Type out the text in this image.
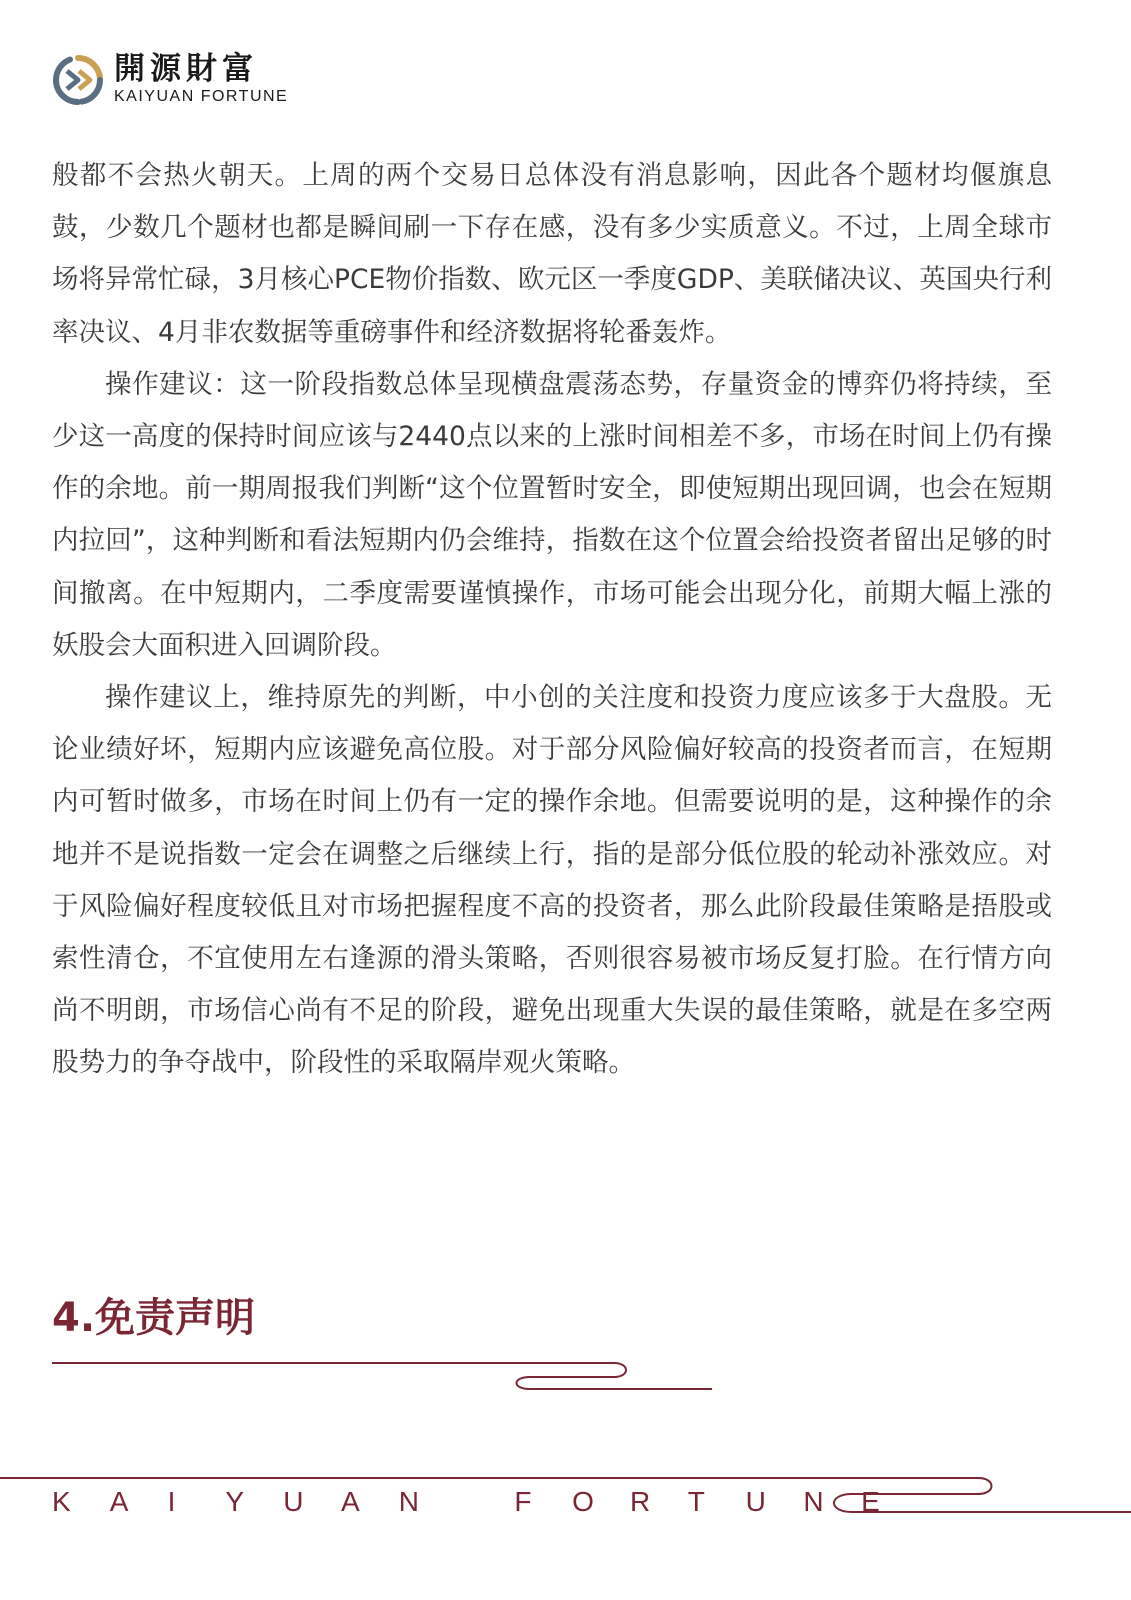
開源財富
KAIYUAN FORTUNE

般都不会热火朝天。上周的两个交易日总体没有消息影响，因此各个题材均偃旗息鼓，少数几个题材也都是瞬间刷一下存在感，没有多少实质意义。不过，上周全球市场将异常忙碌，3月核心PCE物价指数、欧元区一季度GDP、美联储决议、英国央行利率决议、4月非农数据等重磅事件和经济数据将轮番轰炸。

操作建议：这一阶段指数总体呈现横盘震荡态势，存量资金的博弈仍将持续，至少这一高度的保持时间应该与2440点以来的上涨时间相差不多，市场在时间上仍有操作的余地。前一期周报我们判断“这个位置暂时安全，即使短期出现回调，也会在短期内拉回”，这种判断和看法短期内仍会维持，指数在这个位置会给投资者留出足够的时间撤离。在中短期内，二季度需要谨慎操作，市场可能会出现分化，前期大幅上涨的妖股会大面积进入回调阶段。

操作建议上，维持原先的判断，中小创的关注度和投资力度应该多于大盘股。无论业绩好坏，短期内应该避免高位股。对于部分风险偏好较高的投资者而言，在短期内可暂时做多，市场在时间上仍有一定的操作余地。但需要说明的是，这种操作的余地并不是说指数一定会在调整之后继续上行，指的是部分低位股的轮动补涨效应。对于风险偏好程度较低且对市场把握程度不高的投资者，那么此阶段最佳策略是捂股或索性清仓，不宜使用左右逢源的滑头策略，否则很容易被市场反复打脸。在行情方向尚不明朗，市场信心尚有不足的阶段，避免出现重大失误的最佳策略，就是在多空两股势力的争夺战中，阶段性的采取隔岸观火策略。

4.免责声明
K	A	I	Y	U	A	N	F	O	R	T	U	N	E
